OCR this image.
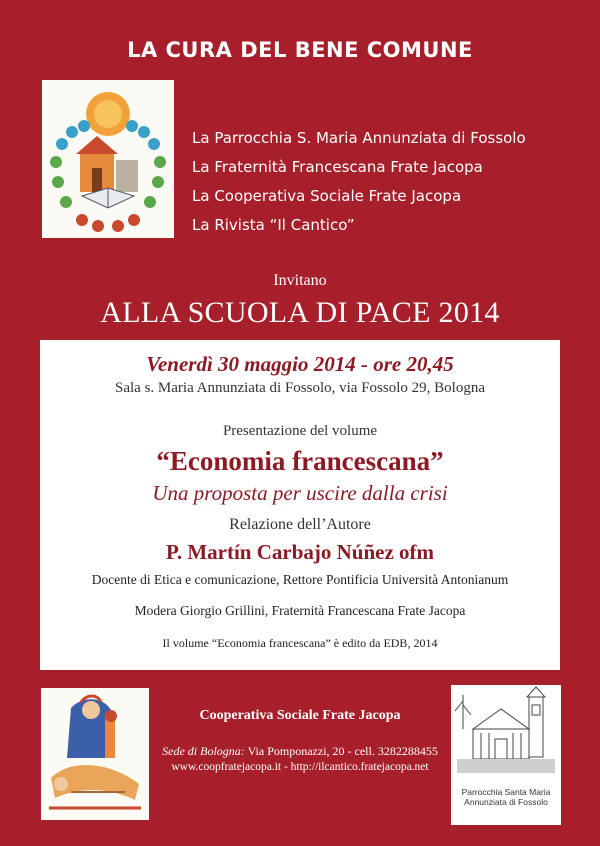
LA CURA DEL BENE COMUNE
La Parrocchia S. Maria Annunziata di Fossolo
La Fraternità Francescana Frate Jacopa
La Cooperativa Sociale Frate Jacopa
La Rivista “Il Cantico”
Invitano
ALLA SCUOLA DI PACE 2014
Venerdì 30 maggio 2014 - ore 20,45
Sala s. Maria Annunziata di Fossolo, via Fossolo 29, Bologna
Presentazione del volume
“Economia francescana”
Una proposta per uscire dalla crisi
Relazione dell’Autore
P. Martín Carbajo Núñez ofm
Docente di Etica e comunicazione, Rettore Pontificia Università Antonianum
Modera Giorgio Grillini, Fraternità Francescana Frate Jacopa
Il volume “Economia francescana” è edito da EDB, 2014
Cooperativa Sociale Frate Jacopa
Sede di Bologna: Via Pomponazzi, 20 - cell. 3282288455
www.coopfratejacopa.it - http://ilcantico.fratejacopa.net
Parrocchia Santa Maria
Annunziata di Fossolo
